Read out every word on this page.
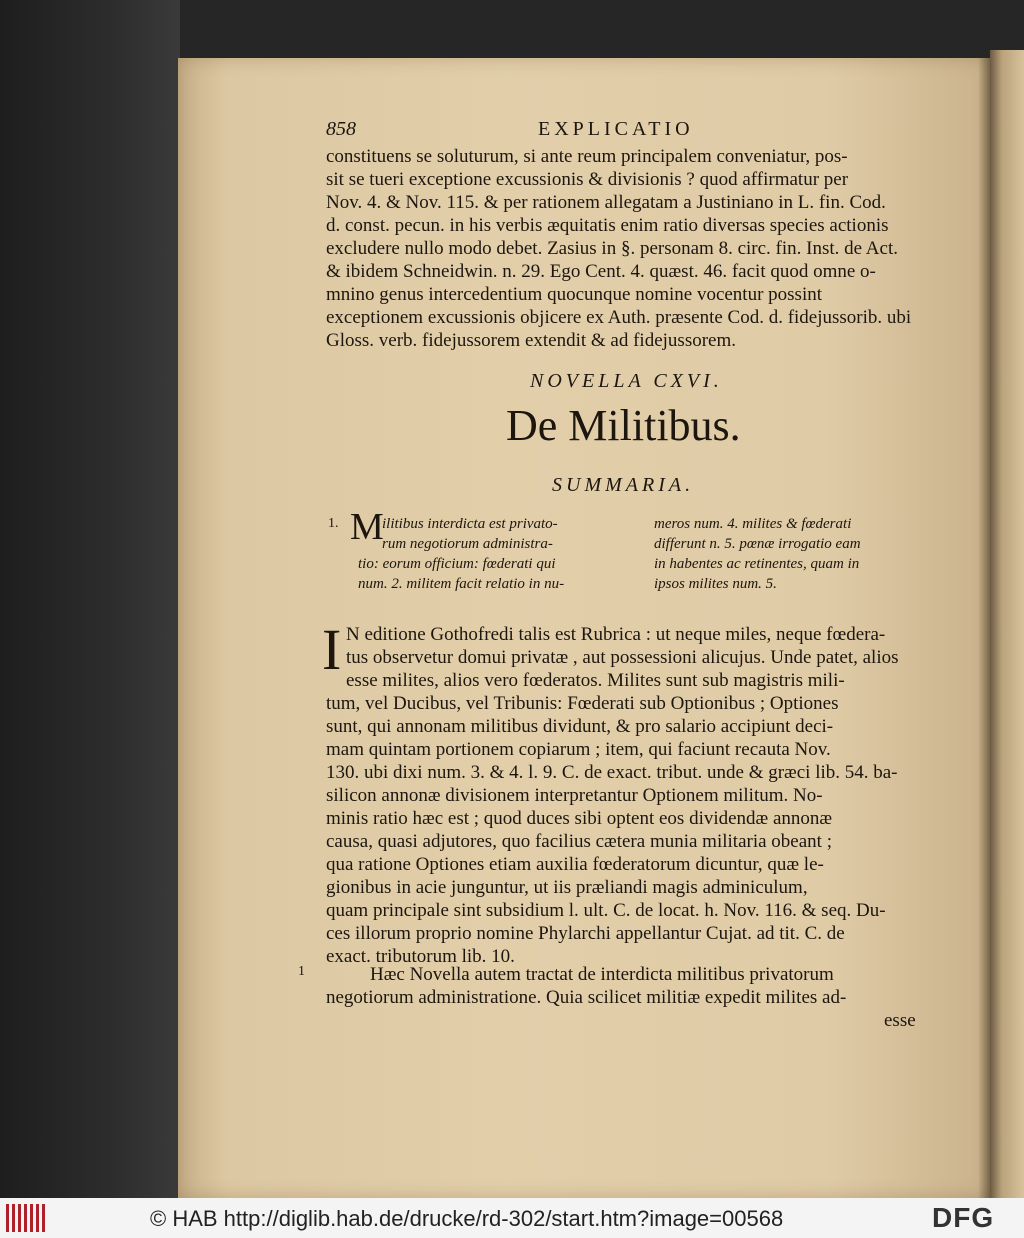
858	EXPLICATIO
constituens se soluturum, si ante reum principalem conveniatur, pos-
sit se tueri exceptione excussionis & divisionis ? quod affirmatur per
Nov. 4. & Nov. 115. & per rationem allegatam a Justiniano in L. fin. Cod.
d. const. pecun. in his verbis æquitatis enim ratio diversas species actionis
excludere nullo modo debet. Zasius in §. personam 8. circ. fin. Inst. de Act.
& ibidem Schneidwin. n. 29. Ego Cent. 4. quæst. 46. facit quod omne o-
mnino genus intercedentium quocunque nomine vocentur possint
exceptionem excussionis objicere ex Auth. præsente Cod. d. fidejussorib. ubi
Gloss. verb. fidejussorem extendit & ad fidejussorem.
NOVELLA CXVI.
De Militibus.
SUMMARIA.
1. M
ilitibus interdicta est privato-
rum negotiorum administra-
tio: eorum officium: fœderati qui
num. 2. militem facit relatio in nu-
meros num. 4. milites & fœderati
differunt n. 5. pœnæ irrogatio eam
in habentes ac retinentes, quam in
ipsos milites num. 5.
I N editione Gothofredi talis est Rubrica : ut neque miles, neque fœdera-
tus observetur domui privatæ , aut possessioni alicujus. Unde patet, alios
esse milites, alios vero fœderatos. Milites sunt sub magistris mili-
tum, vel Ducibus, vel Tribunis: Fœderati sub Optionibus ; Optiones
sunt, qui annonam militibus dividunt, & pro salario accipiunt deci-
mam quintam portionem copiarum ; item, qui faciunt recauta Nov.
130. ubi dixi num. 3. & 4. l. 9. C. de exact. tribut. unde & græci lib. 54. ba-
silicon annonæ divisionem interpretantur Optionem militum. No-
minis ratio hæc est ; quod duces sibi optent eos dividendæ annonæ
causa, quasi adjutores, quo facilius cætera munia militaria obeant ;
qua ratione Optiones etiam auxilia fœderatorum dicuntur, quæ le-
gionibus in acie junguntur, ut iis præliandi magis adminiculum,
quam principale sint subsidium l. ult. C. de locat. h. Nov. 116. & seq. Du-
ces illorum proprio nomine Phylarchi appellantur Cujat. ad tit. C. de
exact. tributorum lib. 10.
1	Hæc Novella autem tractat de interdicta militibus privatorum
negotiorum administratione. Quia scilicet militiæ expedit milites ad-
esse
© HAB http://diglib.hab.de/drucke/rd-302/start.htm?image=00568	DFG
